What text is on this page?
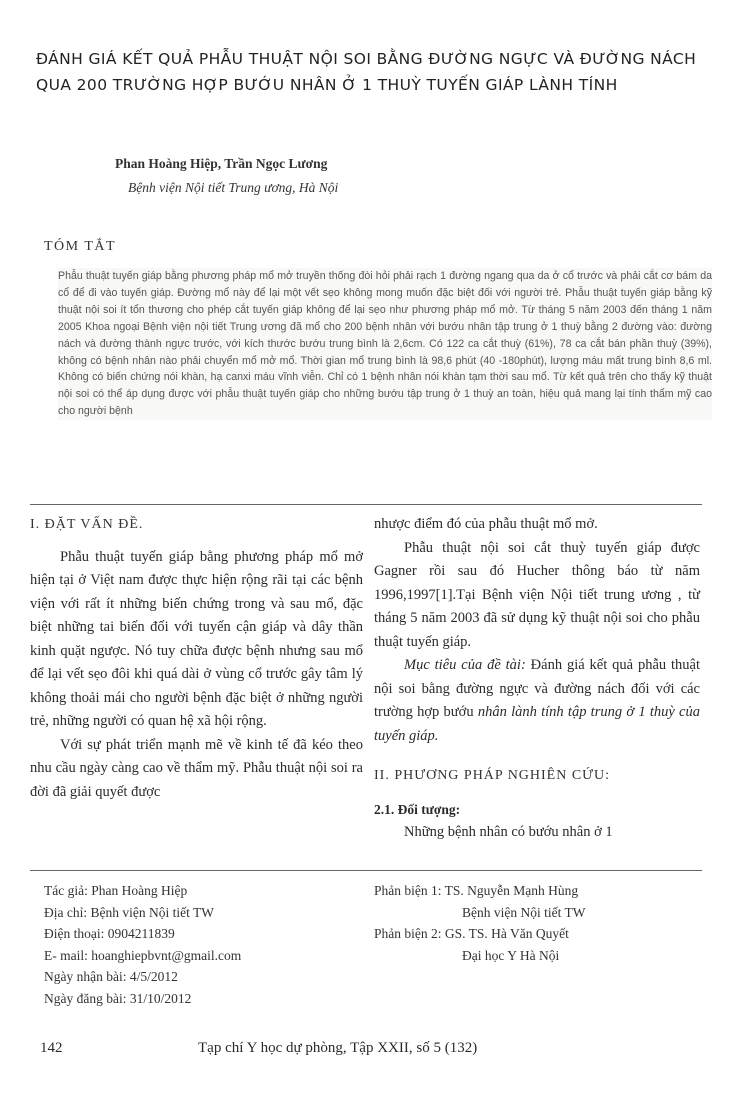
ĐÁNH GIÁ KẾT QUẢ PHẪU THUẬT NỘI SOI BẰNG ĐƯỜNG NGỰC VÀ ĐƯỜNG NÁCH QUA 200 TRƯỜNG HỢP BƯỚU NHÂN Ở 1 THUỲ TUYẾN GIÁP LÀNH TÍNH
Phan Hoàng Hiệp, Trần Ngọc Lương
Bệnh viện Nội tiết Trung ương, Hà Nội
TÓM TẮT
Phẫu thuật tuyến giáp bằng phương pháp mổ mở truyền thống đòi hỏi phải rạch 1 đường ngang qua da ở cổ trước và phải cắt cơ bám da cổ để đi vào tuyến giáp. Đường mổ này để lại một vết sẹo không mong muốn đặc biệt đối với người trẻ. Phẫu thuật tuyến giáp bằng kỹ thuật nội soi ít tổn thương cho phép cắt tuyến giáp không để lại sẹo như phương pháp mổ mở. Từ tháng 5 năm 2003 đến tháng 1 năm 2005 Khoa ngoại Bệnh viện nội tiết Trung ương đã mổ cho 200 bệnh nhân với bướu nhân tập trung ở 1 thuỳ bằng 2 đường vào: đường nách và đường thành ngực trước, với kích thước bướu trung bình là 2,6cm. Có 122 ca cắt thuỳ (61%), 78 ca cắt bán phần thuỳ (39%), không có bệnh nhân nào phải chuyển mổ mở mổ. Thời gian mổ trung bình là 98,6 phút (40 -180phút), lượng máu mất trung bình 8,6 ml. Không có biến chứng nói khàn, hạ canxi máu vĩnh viễn. Chỉ có 1 bệnh nhân nói khàn tạm thời sau mổ. Từ kết quả trên cho thấy kỹ thuật nội soi có thể áp dụng được với phẫu thuật tuyến giáp cho những bướu tập trung ở 1 thuỳ an toàn, hiệu quả mang lại tính thẩm mỹ cao cho người bệnh

I. ĐẶT VẤN ĐỀ.

Phẫu thuật tuyến giáp bằng phương pháp mổ mở hiện tại ở Việt nam được thực hiện rộng rãi tại các bệnh viện với rất ít những biến chứng trong và sau mổ, đặc biệt những tai biến đối với tuyến cận giáp và dây thần kinh quặt ngược. Nó tuy chữa được bệnh nhưng sau mổ để lại vết sẹo đôi khi quá dài ở vùng cổ trước gây tâm lý không thoải mái cho người bệnh đặc biệt ở những người trẻ, những người có quan hệ xã hội rộng.

Với sự phát triển mạnh mẽ về kinh tế đã kéo theo nhu cầu ngày càng cao về thẩm mỹ. Phẫu thuật nội soi ra đời đã giải quyết được

nhược điểm đó của phẫu thuật mổ mở.

Phẫu thuật nội soi cắt thuỳ tuyến giáp được Gagner rồi sau đó Hucher thông báo từ năm 1996,1997[1].Tại Bệnh viện Nội tiết trung ương , từ tháng 5 năm 2003 đã sử dụng kỹ thuật nội soi cho phẫu thuật tuyến giáp.

Mục tiêu của đề tài: Đánh giá kết quả phẫu thuật nội soi bằng đường ngực và đường nách đối với các trường hợp bướu nhân lành tính tập trung ở 1 thuỳ của tuyến giáp.

II. PHƯƠNG PHÁP NGHIÊN CỨU:

2.1. Đối tượng:

Những bệnh nhân có bướu nhân ở 1

Tác giả: Phan Hoàng Hiệp
Địa chỉ: Bệnh viện Nội tiết TW
Điện thoại: 0904211839
E- mail: hoanghiepbvnt@gmail.com
Ngày nhận bài: 4/5/2012
Ngày đăng bài: 31/10/2012
Phản biện 1: TS. Nguyễn Mạnh Hùng
Bệnh viện Nội tiết TW
Phản biện 2: GS. TS. Hà Văn Quyết
Đại học Y Hà Nội
142	Tạp chí Y học dự phòng, Tập XXII, số 5 (132)
